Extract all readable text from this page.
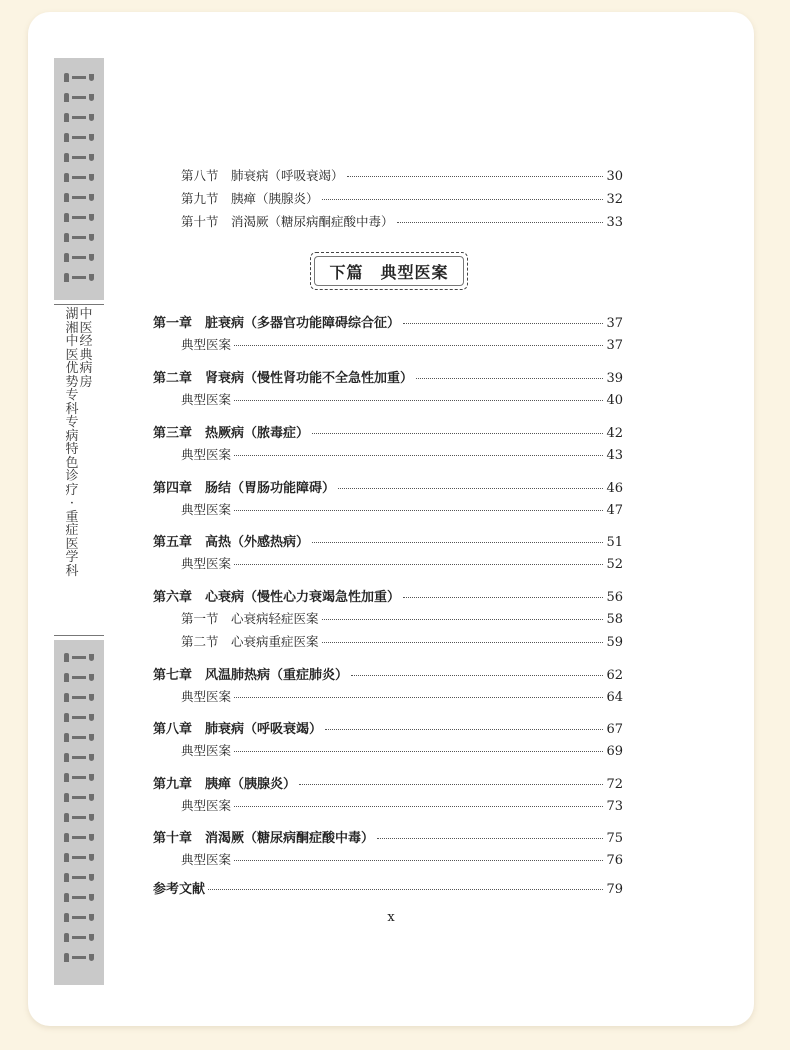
湖湘中医优势专科专病特色诊疗·重症医学科中医经典病房
下篇　典型医案
x
第八节　肺衰病（呼吸衰竭）	30
第九节　胰瘅（胰腺炎）	32
第十节　消渴厥（糖尿病酮症酸中毒）	33
第一章　脏衰病（多器官功能障碍综合征）	37
典型医案	37
第二章　肾衰病（慢性肾功能不全急性加重）	39
典型医案	40
第三章　热厥病（脓毒症）	42
典型医案	43
第四章　肠结（胃肠功能障碍）	46
典型医案	47
第五章　高热（外感热病）	51
典型医案	52
第六章　心衰病（慢性心力衰竭急性加重）	56
第一节　心衰病轻症医案	58
第二节　心衰病重症医案	59
第七章　风温肺热病（重症肺炎）	62
典型医案	64
第八章　肺衰病（呼吸衰竭）	67
典型医案	69
第九章　胰瘅（胰腺炎）	72
典型医案	73
第十章　消渴厥（糖尿病酮症酸中毒）	75
典型医案	76
参考文献	79
